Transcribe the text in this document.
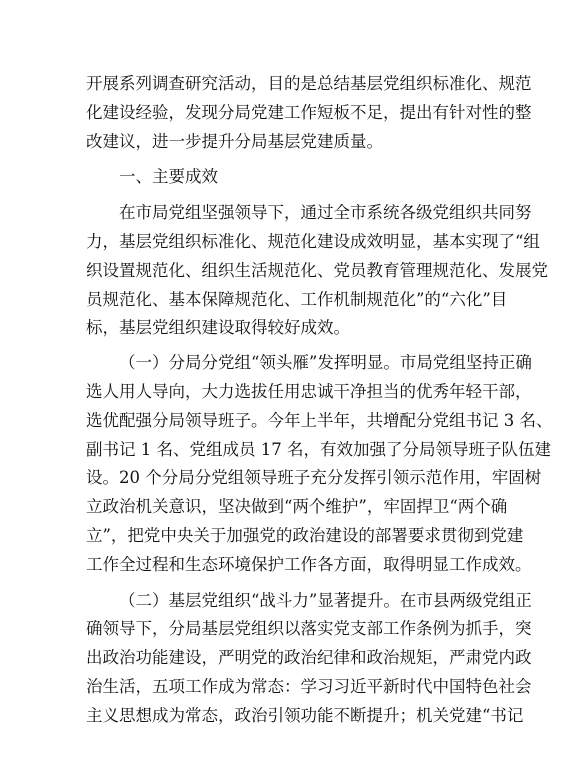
开展系列调查研究活动，目的是总结基层党组织标准化、规范
化建设经验，发现分局党建工作短板不足，提出有针对性的整
改建议，进一步提升分局基层党建质量。
一、主要成效
在市局党组坚强领导下，通过全市系统各级党组织共同努
力，基层党组织标准化、规范化建设成效明显，基本实现了“组
织设置规范化、组织生活规范化、党员教育管理规范化、发展党
员规范化、基本保障规范化、工作机制规范化”的“六化”目
标，基层党组织建设取得较好成效。
（一）分局分党组“领头雁”发挥明显。市局党组坚持正确
选人用人导向，大力选拔任用忠诚干净担当的优秀年轻干部，
选优配强分局领导班子。今年上半年，共增配分党组书记 3 名、
副书记 1 名、党组成员 17 名，有效加强了分局领导班子队伍建
设。20 个分局分党组领导班子充分发挥引领示范作用，牢固树
立政治机关意识，坚决做到“两个维护”，牢固捍卫“两个确
立”，把党中央关于加强党的政治建设的部署要求贯彻到党建
工作全过程和生态环境保护工作各方面，取得明显工作成效。
（二）基层党组织“战斗力”显著提升。在市县两级党组正
确领导下，分局基层党组织以落实党支部工作条例为抓手，突
出政治功能建设，严明党的政治纪律和政治规矩，严肃党内政
治生活，五项工作成为常态：学习习近平新时代中国特色社会
主义思想成为常态，政治引领功能不断提升；机关党建“书记
